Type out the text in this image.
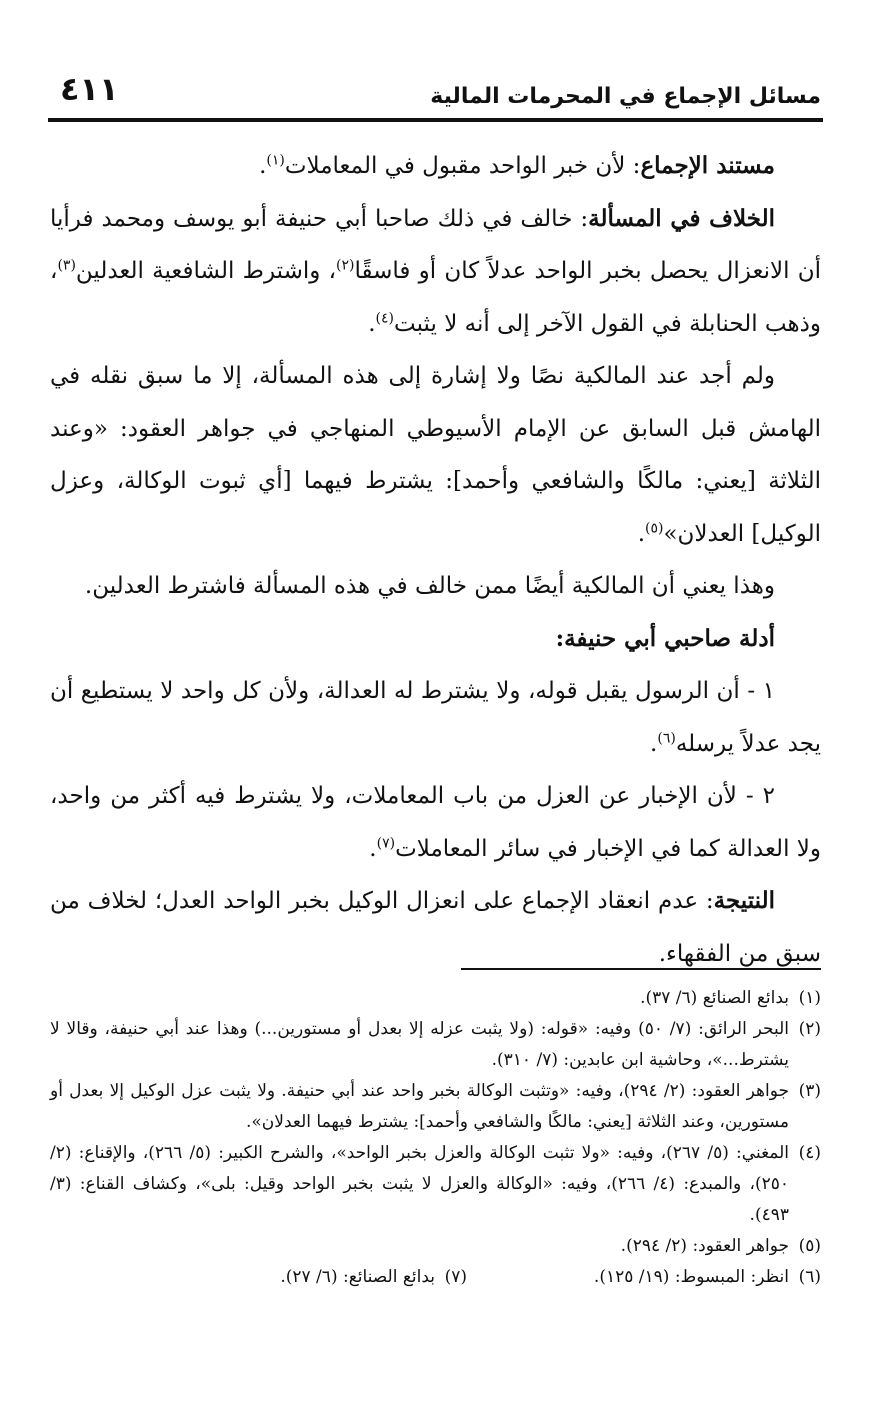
مسائل الإجماع في المحرمات المالية
٤١١

مستند الإجماع: لأن خبر الواحد مقبول في المعاملات$^{(١)}$.

الخلاف في المسألة: خالف في ذلك صاحبا أبي حنيفة أبو يوسف ومحمد فرأيا أن الانعزال يحصل بخبر الواحد عدلاً كان أو فاسقًا$^{(٢)}$، واشترط الشافعية العدلين$^{(٣)}$، وذهب الحنابلة في القول الآخر إلى أنه لا يثبت$^{(٤)}$.

ولم أجد عند المالكية نصًا ولا إشارة إلى هذه المسألة، إلا ما سبق نقله في الهامش قبل السابق عن الإمام الأسيوطي المنهاجي في جواهر العقود: «وعند الثلاثة [يعني: مالكًا والشافعي وأحمد]: يشترط فيهما [أي ثبوت الوكالة، وعزل الوكيل] العدلان»$^{(٥)}$.

وهذا يعني أن المالكية أيضًا ممن خالف في هذه المسألة فاشترط العدلين.

أدلة صاحبي أبي حنيفة:

١ - أن الرسول يقبل قوله، ولا يشترط له العدالة، ولأن كل واحد لا يستطيع أن يجد عدلاً يرسله$^{(٦)}$.

٢ - لأن الإخبار عن العزل من باب المعاملات، ولا يشترط فيه أكثر من واحد، ولا العدالة كما في الإخبار في سائر المعاملات$^{(٧)}$.

النتيجة: عدم انعقاد الإجماع على انعزال الوكيل بخبر الواحد العدل؛ لخلاف من سبق من الفقهاء.

(١)
بدائع الصنائع (٦/ ٣٧).
(٢)
البحر الرائق: (٧/ ٥٠) وفيه: «قوله: (ولا يثبت عزله إلا بعدل أو مستورين...) وهذا عند أبي حنيفة، وقالا لا يشترط...»، وحاشية ابن عابدين: (٧/ ٣١٠).
(٣)
جواهر العقود: (٢/ ٢٩٤)، وفيه: «وتثبت الوكالة بخبر واحد عند أبي حنيفة. ولا يثبت عزل الوكيل إلا بعدل أو مستورين، وعند الثلاثة [يعني: مالكًا والشافعي وأحمد]: يشترط فيهما العدلان».
(٤)
المغني: (٥/ ٢٦٧)، وفيه: «ولا تثبت الوكالة والعزل بخبر الواحد»، والشرح الكبير: (٥/ ٢٦٦)، والإقناع: (٢/ ٢٥٠)، والمبدع: (٤/ ٢٦٦)، وفيه: «الوكالة والعزل لا يثبت بخبر الواحد وقيل: بلى»، وكشاف القناع: (٣/ ٤٩٣).
(٥)
جواهر العقود: (٢/ ٢٩٤).
(٦)
انظر: المبسوط: (١٩/ ١٢٥).
(٧)
بدائع الصنائع: (٦/ ٢٧).
